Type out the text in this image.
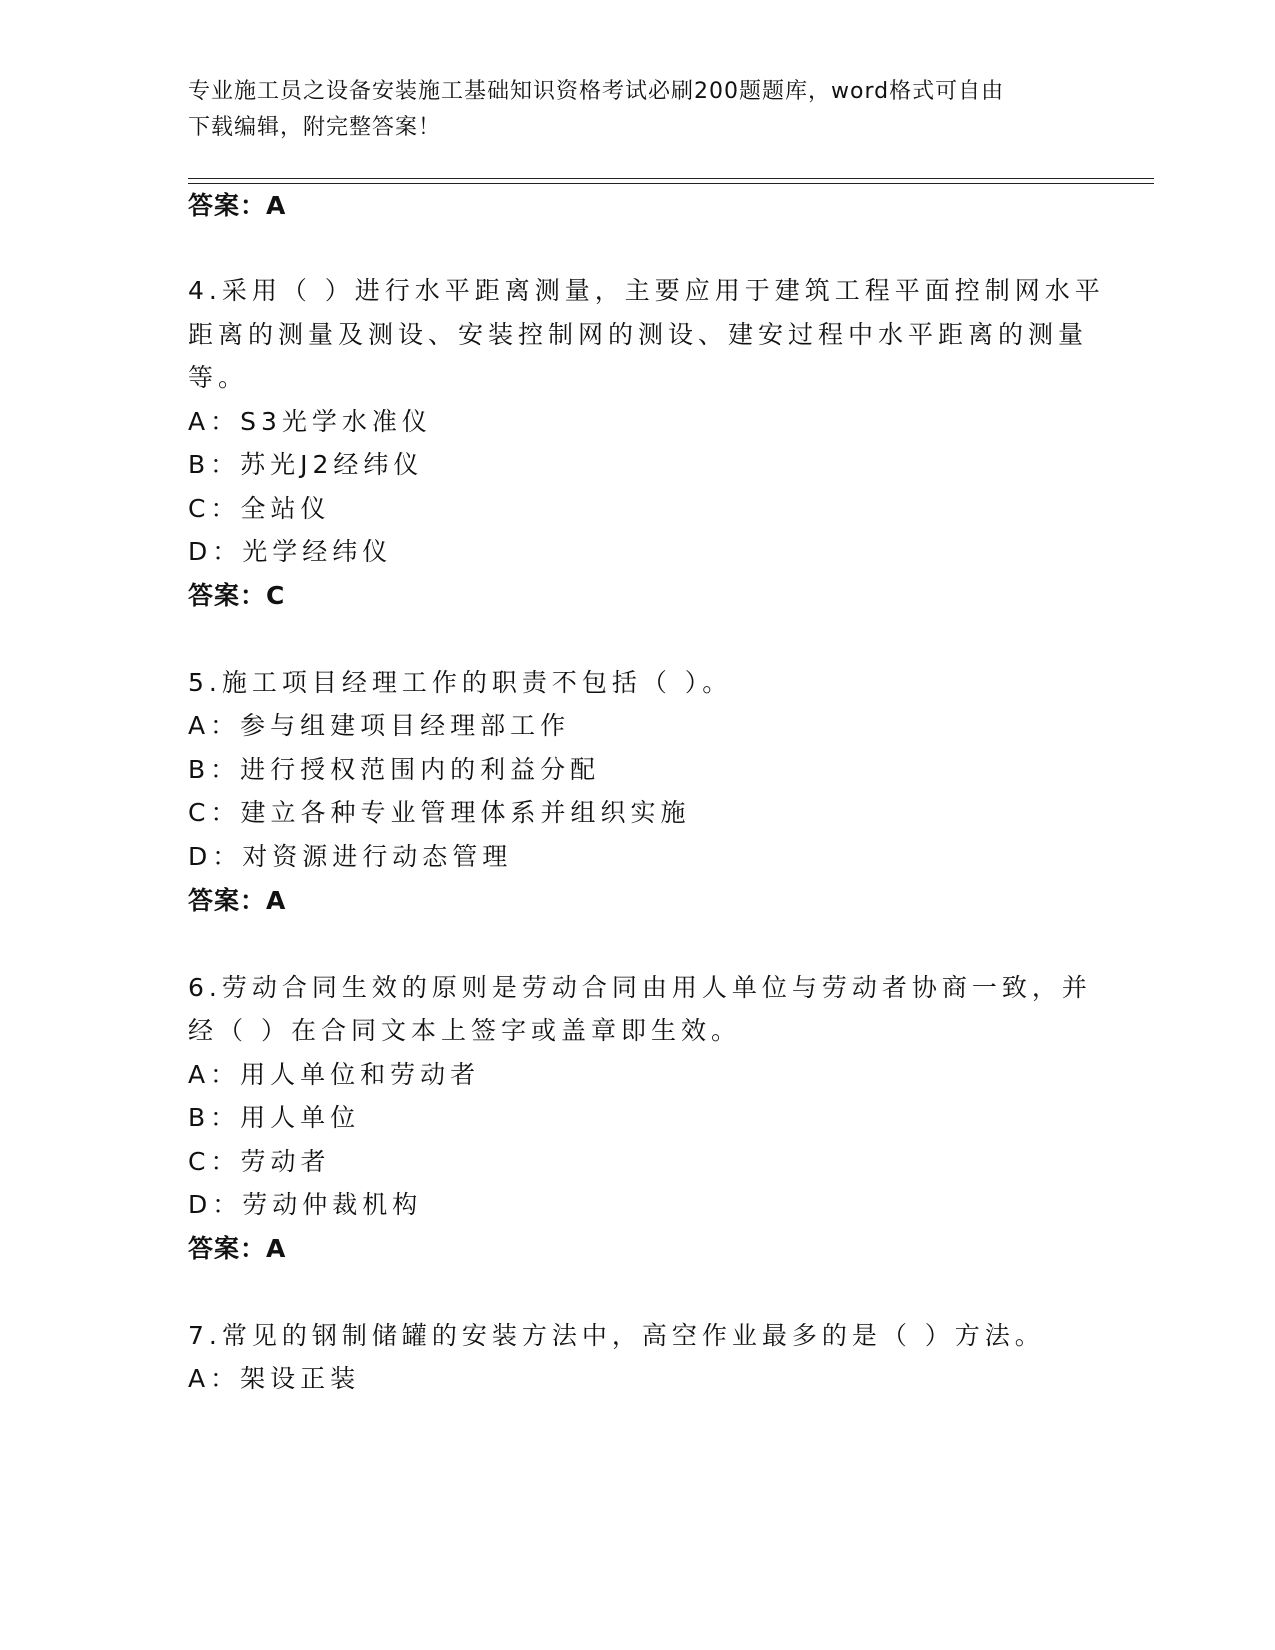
专业施工员之设备安装施工基础知识资格考试必刷200题题库，word格式可自由
下载编辑，附完整答案！
答案：A
4.采用（ ）进行水平距离测量，主要应用于建筑工程平面控制网水平
距离的测量及测设、安装控制网的测设、建安过程中水平距离的测量
等。
A：S3光学水准仪
B：苏光J2经纬仪
C：全站仪
D：光学经纬仪
答案：C
5.施工项目经理工作的职责不包括（ ）。
A：参与组建项目经理部工作
B：进行授权范围内的利益分配
C：建立各种专业管理体系并组织实施
D：对资源进行动态管理
答案：A
6.劳动合同生效的原则是劳动合同由用人单位与劳动者协商一致，并
经（ ）在合同文本上签字或盖章即生效。
A：用人单位和劳动者
B：用人单位
C：劳动者
D：劳动仲裁机构
答案：A
7.常见的钢制储罐的安装方法中，高空作业最多的是（ ）方法。
A：架设正装
